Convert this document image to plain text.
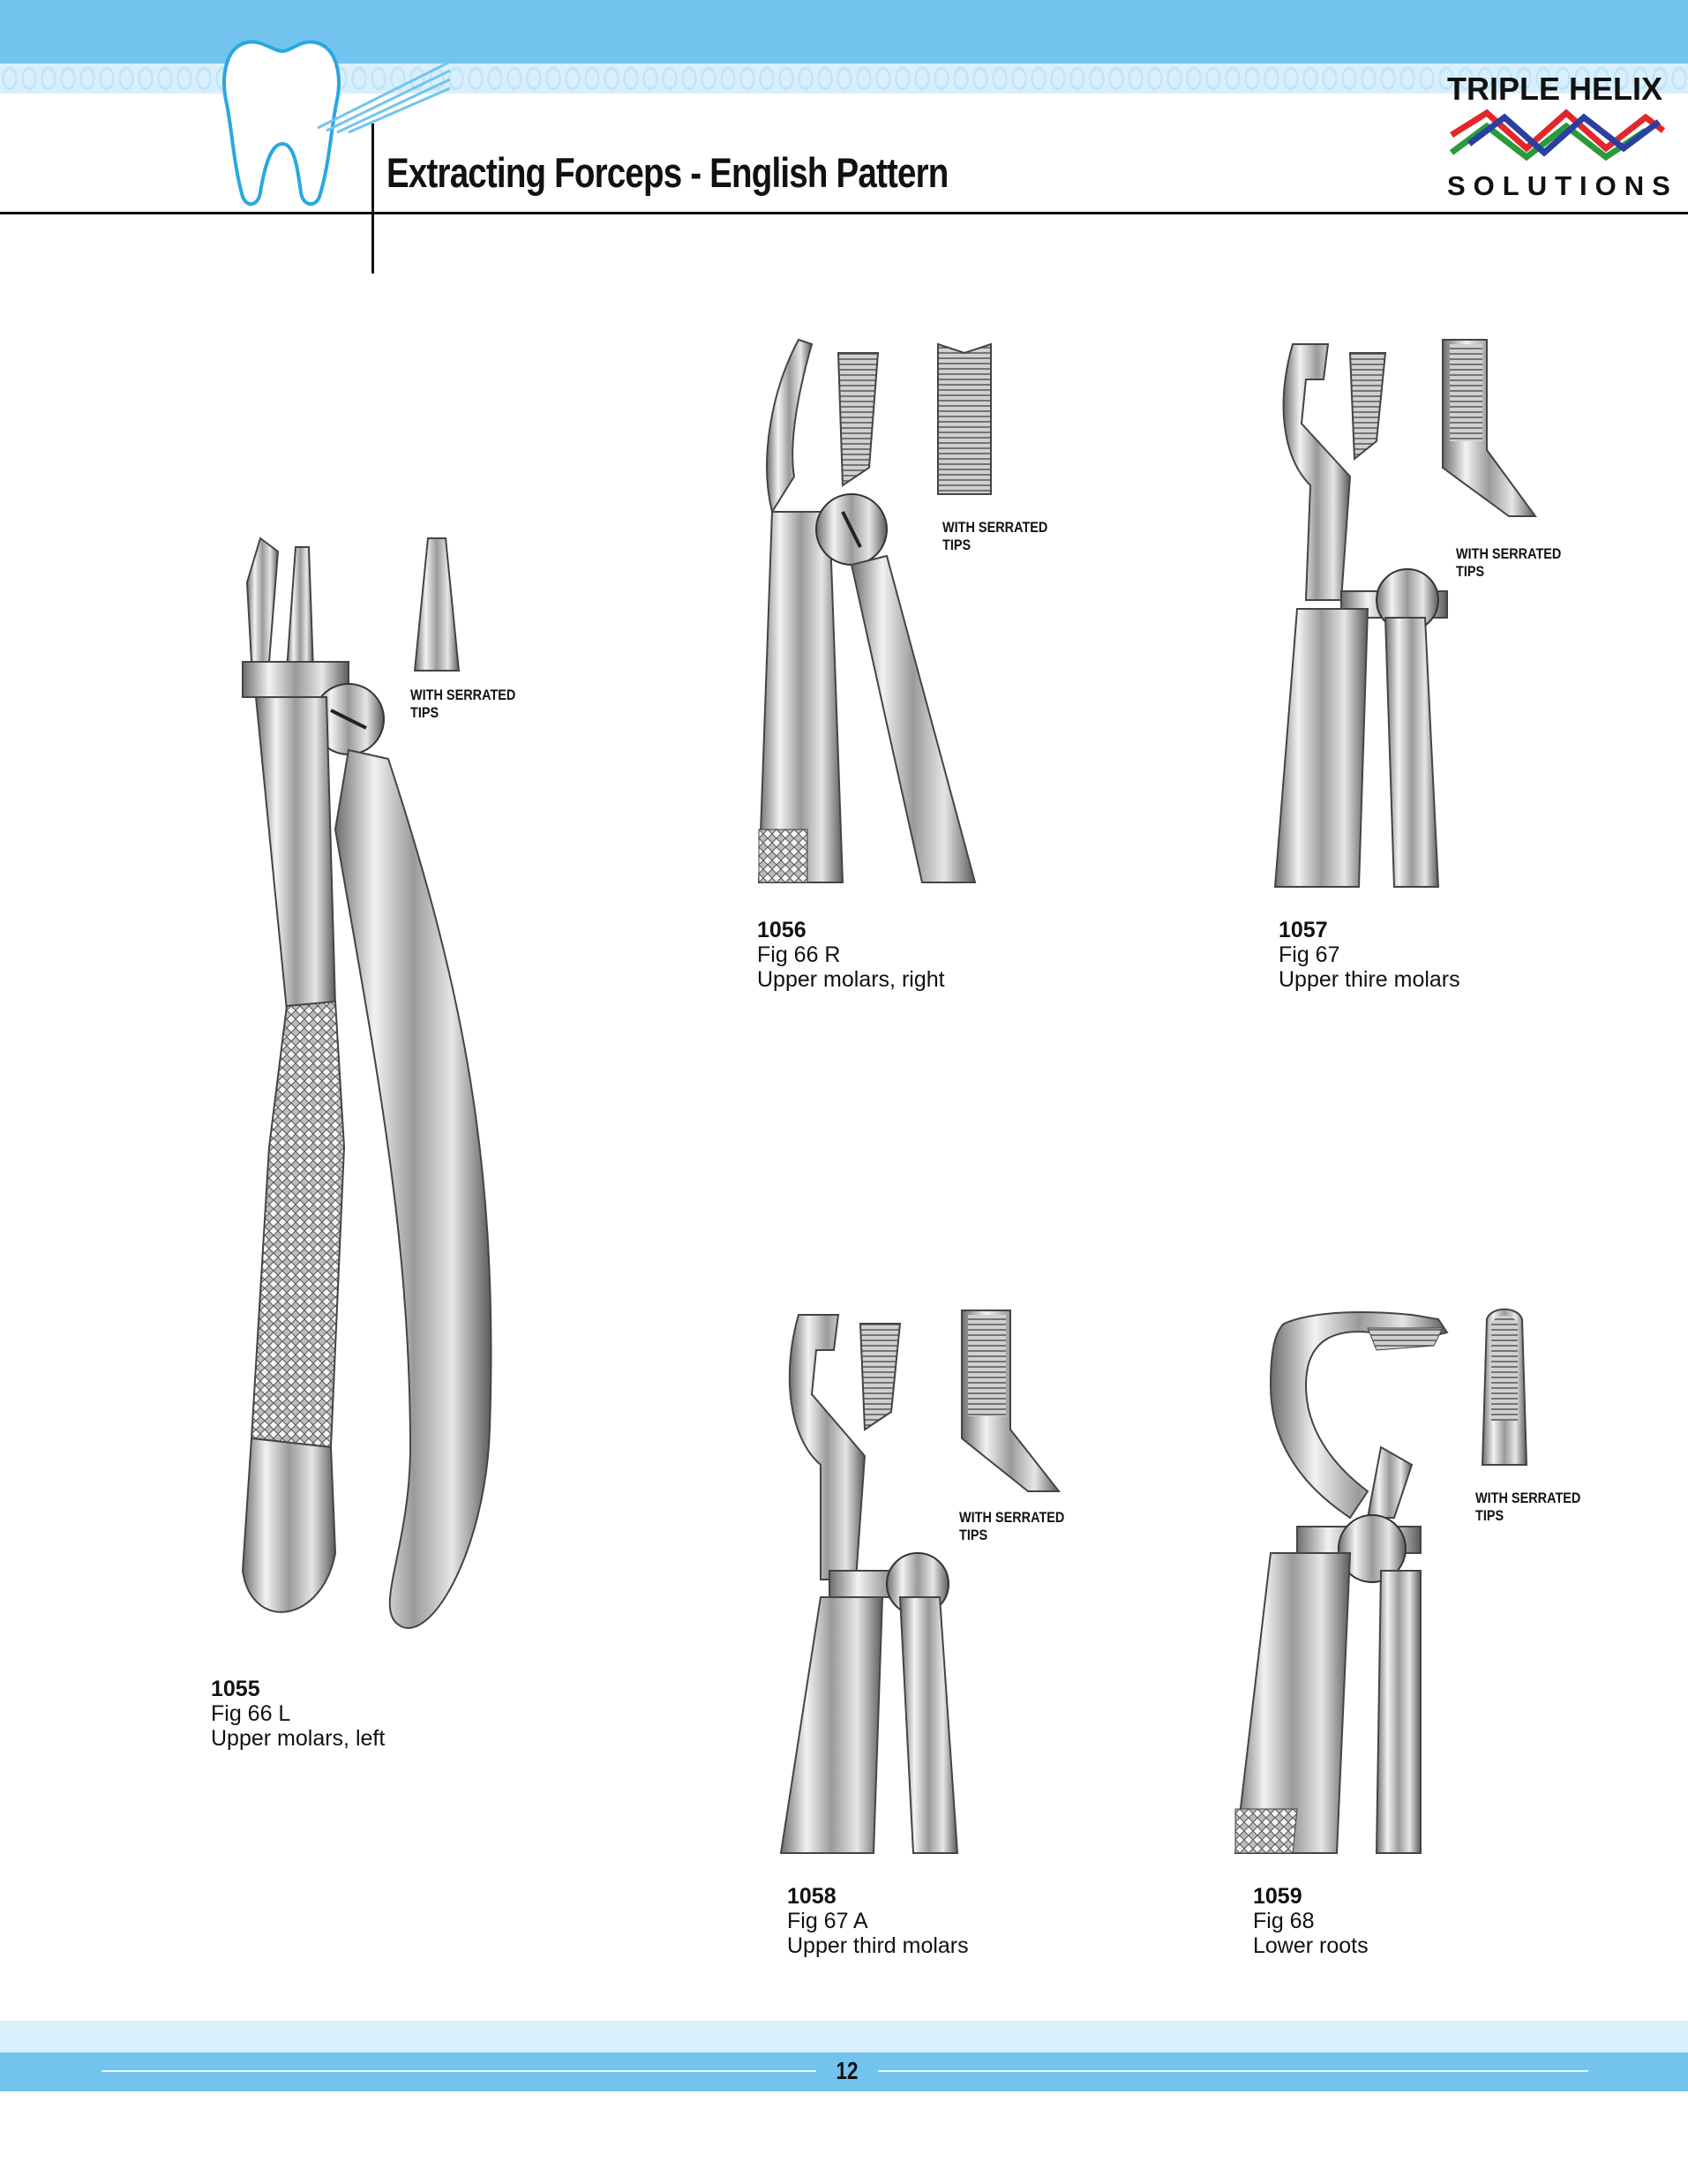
Extracting Forceps - English Pattern
TRIPLE HELIX
SOLUTIONS
WITH SERRATED
TIPS
1055
Fig 66 L
Upper molars, left
WITH SERRATED
TIPS
1056
Fig 66 R
Upper molars, right
WITH SERRATED
TIPS
1057
Fig 67
Upper thire molars
WITH SERRATED
TIPS
1058
Fig 67 A
Upper third molars
WITH SERRATED
TIPS
1059
Fig 68
Lower roots
12
